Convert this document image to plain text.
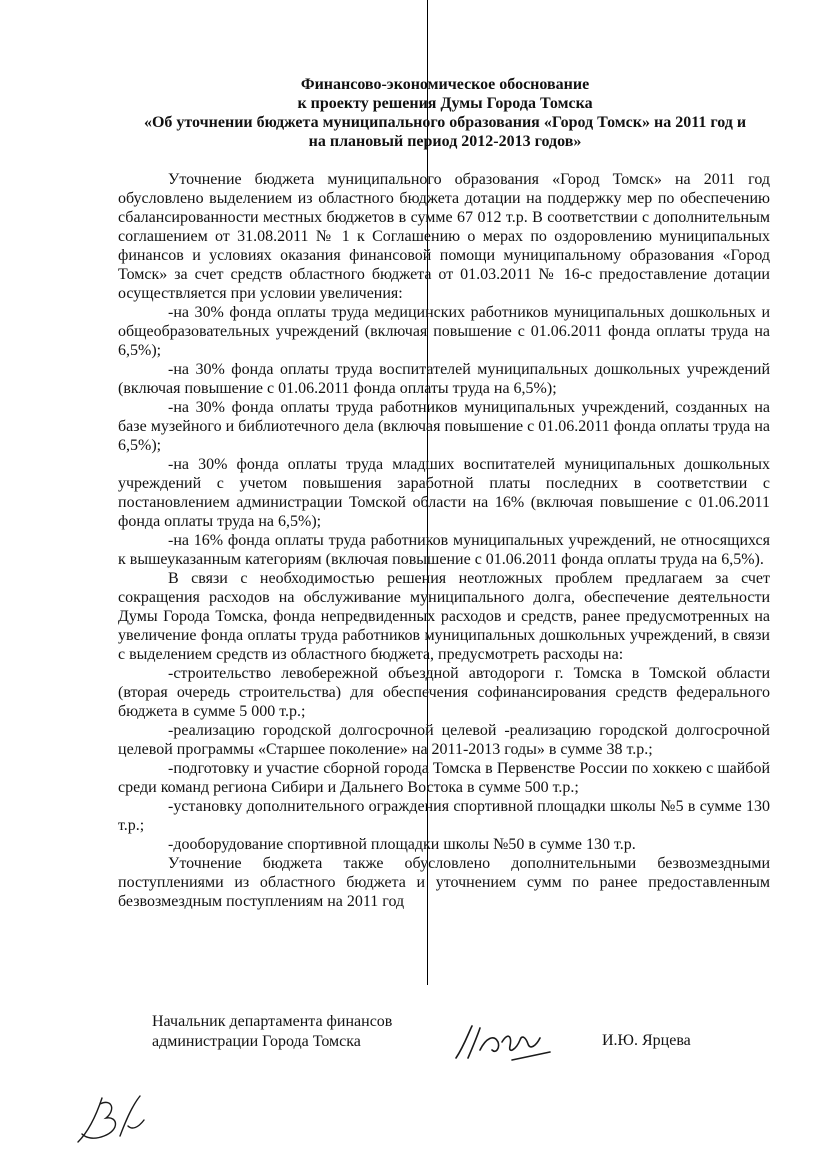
Финансово-экономическое обоснование
к проекту решения Думы Города Томска
«Об уточнении бюджета муниципального образования «Город Томск» на 2011 год и
на плановый период 2012-2013 годов»

Уточнение бюджета муниципального образования «Город Томск» на 2011 год обусловлено выделением из областного бюджета дотации на поддержку мер по обеспечению сбалансированности местных бюджетов в сумме 67 012 т.р. В соответствии с дополнительным соглашением от 31.08.2011 № 1 к Соглашению о мерах по оздоровлению муниципальных финансов и условиях оказания финансовой помощи муниципальному образования «Город Томск» за счет средств областного бюджета от 01.03.2011 № 16-с предоставление дотации осуществляется при условии увеличения:

-на 30% фонда оплаты труда медицинских работников муниципальных дошкольных и общеобразовательных учреждений (включая повышение с 01.06.2011 фонда оплаты труда на 6,5%);

-на 30% фонда оплаты труда воспитателей муниципальных дошкольных учреждений (включая повышение с 01.06.2011 фонда оплаты труда на 6,5%);

-на 30% фонда оплаты труда работников муниципальных учреждений, созданных на базе музейного и библиотечного дела (включая повышение с 01.06.2011 фонда оплаты труда на 6,5%);

-на 30% фонда оплаты труда младших воспитателей муниципальных дошкольных учреждений с учетом повышения заработной платы последних в соответствии с постановлением администрации Томской области на 16% (включая повышение с 01.06.2011 фонда оплаты труда на 6,5%);

-на 16% фонда оплаты труда работников муниципальных учреждений, не относящихся к вышеуказанным категориям (включая повышение с 01.06.2011 фонда оплаты труда на 6,5%).

В связи с необходимостью решения неотложных проблем предлагаем за счет сокращения расходов на обслуживание муниципального долга, обеспечение деятельности Думы Города Томска, фонда непредвиденных расходов и средств, ранее предусмотренных на увеличение фонда оплаты труда работников муниципальных дошкольных учреждений, в связи с выделением средств из областного бюджета, предусмотреть расходы на:

-строительство левобережной объездной автодороги г. Томска в Томской области (вторая очередь строительства) для обеспечения софинансирования средств федерального бюджета в сумме 5 000 т.р.;

-реализацию городской долгосрочной целевой -реализацию городской долгосрочной целевой программы «Старшее поколение» на 2011-2013 годы» в сумме 38 т.р.;

-подготовку и участие сборной города Томска в Первенстве России по хоккею с шайбой среди команд региона Сибири и Дальнего Востока в сумме 500 т.р.;

-установку дополнительного ограждения спортивной площадки школы №5 в сумме 130 т.р.;

-дооборудование спортивной площадки школы №50 в сумме 130 т.р.

Уточнение бюджета также обусловлено дополнительными безвозмездными поступлениями из областного бюджета и уточнением сумм по ранее предоставленным безвозмездным поступлениям на 2011 год

Начальник департамента финансов
администрации Города Томска	И.Ю. Ярцева
